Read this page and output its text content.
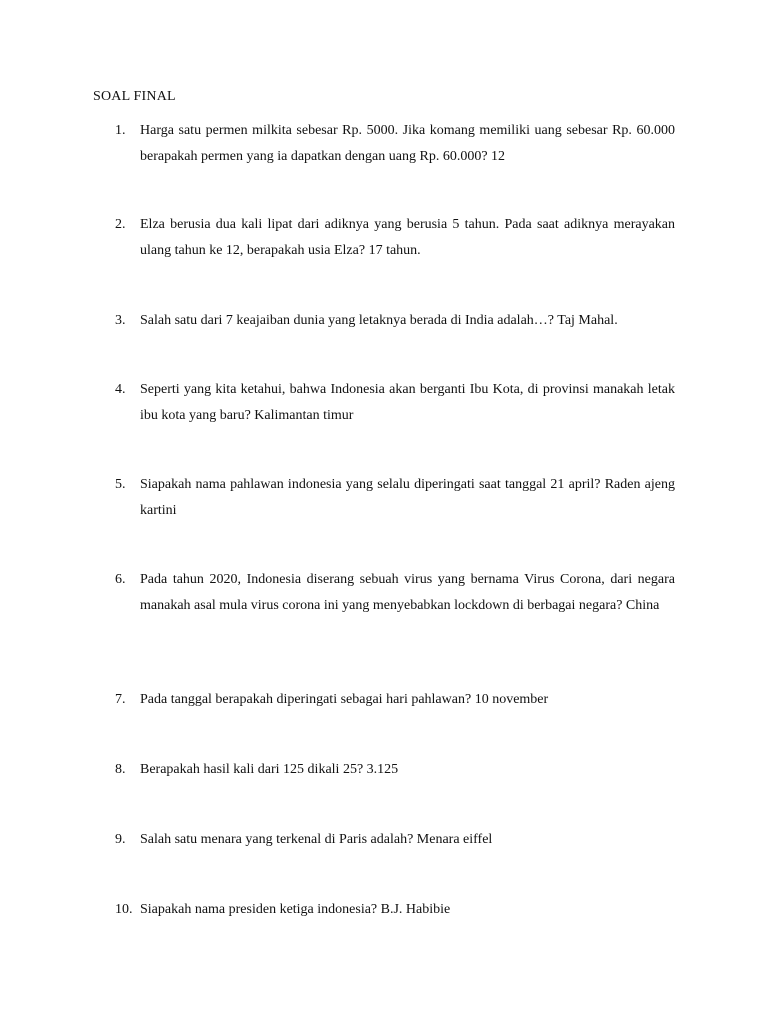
SOAL FINAL
1.	Harga satu permen milkita sebesar Rp. 5000. Jika komang memiliki uang sebesar Rp. 60.000 berapakah permen yang ia dapatkan dengan uang Rp. 60.000? 12
2.	Elza berusia dua kali lipat dari adiknya yang berusia 5 tahun. Pada saat adiknya merayakan ulang tahun ke 12, berapakah usia Elza? 17 tahun.
3.	Salah satu dari 7 keajaiban dunia yang letaknya berada di India adalah…? Taj Mahal.
4.	Seperti yang kita ketahui, bahwa Indonesia akan berganti Ibu Kota, di provinsi manakah letak ibu kota yang baru? Kalimantan timur
5.	Siapakah nama pahlawan indonesia yang selalu diperingati saat tanggal 21 april? Raden ajeng kartini
6.	Pada tahun 2020, Indonesia diserang sebuah virus yang bernama Virus Corona, dari negara manakah asal mula virus corona ini yang menyebabkan lockdown di berbagai negara? China
7.	Pada tanggal berapakah diperingati sebagai hari pahlawan? 10 november
8.	Berapakah hasil kali dari 125 dikali 25? 3.125
9.	Salah satu menara yang terkenal di Paris adalah? Menara eiffel
10. Siapakah nama presiden ketiga indonesia? B.J. Habibie
